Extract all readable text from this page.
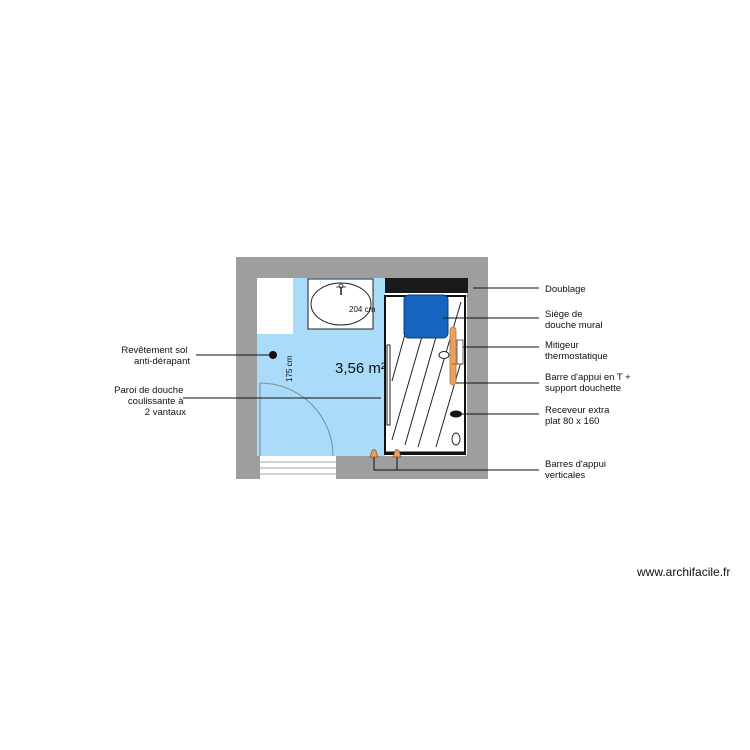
3,56 m²
204 cm
175 cm
Doublage
Siège de douche mural
Mitigeur thermostatique
Barre d'appui en T + support douchette
Receveur extra plat 80 x 160
Barres d'appui verticales
Revêtement sol anti-dérapant
Paroi de douche coulissante à 2 vantaux
www.archifacile.fr
